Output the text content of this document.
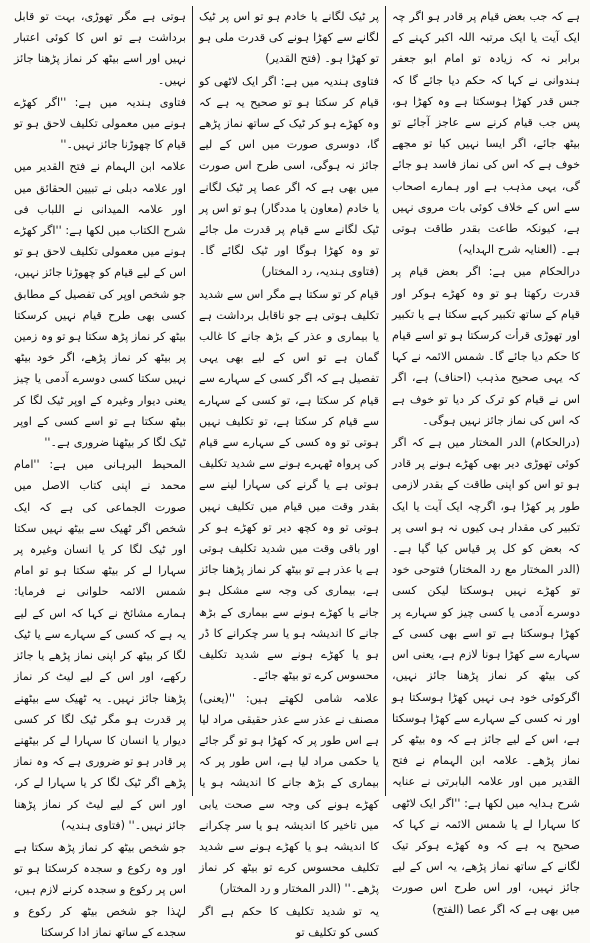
ہے کہ جب بعض قیام پر قادر ہو اگر چہ ایک آیت یا ایک مرتبہ اللہ اکبر کہنے کے برابر نہ کہ زیادہ تو امام ابو جعفر ہندوانی نے کہا کہ حکم دیا جائے گا کہ جس قدر کھڑا ہوسکتا ہے وہ کھڑا ہو، پس جب قیام کرنے سے عاجز آجائے تو بیٹھ جائے، اگر ایسا نہیں کیا تو مجھے خوف ہے کہ اس کی نماز فاسد ہو جائے گی، یہی مذہب ہے اور ہمارے اصحاب سے اس کے خلاف کوئی بات مروی نہیں ہے، کیونکہ طاعت بقدر طاقت ہوتی ہے۔ (العنایہ شرح الہدایہ)

درالحکام میں ہے: اگر بعض قیام پر قدرت رکھتا ہو تو وہ کھڑے ہوکر اور قیام کے ساتھ تکبیر کہے سکتا ہے یا تکبیر اور تھوڑی قرأت کرسکتا ہو تو اسے قیام کا حکم دیا جائے گا۔ شمس الائمہ نے کہا کہ یہی صحیح مذہب (احناف) ہے، اگر اس نے قیام کو ترک کر دیا تو خوف ہے کہ اس کی نماز جائز نہیں ہوگی۔

(درالحکام) الدر المختار میں ہے کہ اگر کوئی تھوڑی دیر بھی کھڑے ہونے پر قادر ہو تو اس کو اپنی طاقت کے بقدر لازمی طور پر کھڑا ہو، اگرچہ ایک آیت یا ایک تکبیر کی مقدار ہی کیوں نہ ہو اسی پر کہ بعض کو کل پر قیاس کیا گیا ہے۔ (الدر المختار مع رد المختار) فتوحی خود تو کھڑے نہیں ہوسکتا لیکن کسی دوسرے آدمی یا کسی چیز کو سہارے پر کھڑا ہوسکتا ہے تو اسے بھی کسی کے سہارے سے کھڑا ہونا لازم ہے، یعنی اس کی بیٹھ کر نماز پڑھنا جائز نہیں، اگرکوئی خود ہی نہیں کھڑا ہوسکتا ہو اور نہ کسی کے سہارے سے کھڑا ہوسکتا ہے، اس کے لیے جائز ہے کہ وہ بیٹھ کر نماز پڑھے۔ علامہ ابن الہمام نے فتح القدیر میں اور علامہ البابرتی نے عنایہ شرح ہدایہ میں لکھا ہے: ''اگر ایک لاٹھی کا سہارا لے یا شمس الائمہ نے کہا کہ صحیح یہ ہے کہ وہ کھڑے ہوکر تیک لگانے کے ساتھ نماز پڑھے، یہ اس کے لیے جائز نہیں، اور اس طرح اس صورت میں بھی ہے کہ اگر عصا (الفتح)

پر ٹیک لگانے یا خادم ہو تو اس پر ٹیک لگانے سے کھڑا ہونے کی قدرت ملی ہو تو کھڑا ہو۔ (فتح القدیر)

فتاوی ہندیہ میں ہے: اگر ایک لاٹھی کو قیام کر سکتا ہو تو صحیح یہ ہے کہ وہ کھڑے ہو کر ٹیک کے ساتھ نماز پڑھے گا، دوسری صورت میں اس کے لیے جائز نہ ہوگی، اسی طرح اس صورت میں بھی ہے کہ اگر عصا پر ٹیک لگانے یا خادم (معاون یا مددگار) ہو تو اس پر ٹیک لگانے سے قیام پر قدرت مل جائے تو وہ کھڑا ہوگا اور ٹیک لگائے گا۔ (فتاوی ہندیہ، رد المختار)

قیام کر تو سکتا ہے مگر اس سے شدید تکلیف ہوتی ہے جو ناقابل برداشت ہے یا بیماری و عذر کے بڑھ جانے کا غالب گمان ہے تو اس کے لیے بھی یہی تفصیل ہے کہ اگر کسی کے سہارے سے قیام کر سکتا ہے، تو کسی کے سہارے سے قیام کر سکتا ہے، تو تکلیف نہیں ہوتی تو وہ کسی کے سہارے سے قیام کی پرواہ ٹھہرے ہونے سے شدید تکلیف ہوتی ہے یا گرنے کی سہارا لینے سے بقدر وقت میں قیام میں تکلیف نہیں ہوتی تو وہ کچھ دیر تو کھڑے ہو کر اور باقی وقت میں شدید تکلیف ہوتی ہے یا عذر ہے تو بیٹھ کر نماز پڑھنا جائز ہے، بیماری کی وجہ سے مشکل ہو جانے یا کھڑے ہونے سے بیماری کے بڑھ جانے کا اندیشہ ہو یا سر چکرانے کا ڈر ہو یا کھڑے ہونے سے شدید تکلیف محسوس کرے تو بیٹھ جائے۔

علامہ شامی لکھتے ہیں: ''(یعنی) مصنف نے عذر سے عذر حقیقی مراد لیا ہے اس طور پر کہ کھڑا ہو تو گر جائے یا حکمی مراد لیا ہے، اس طور پر کہ بیماری کے بڑھ جانے کا اندیشہ ہو یا کھڑے ہونے کی وجہ سے صحت یابی میں تاخیر کا اندیشہ ہو یا سر چکرانے کا اندیشہ ہو یا کھڑے ہونے سے شدید تکلیف محسوس کرے تو بیٹھ کر نماز پڑھے۔'' (الدر المختار و رد المختار)

یہ تو شدید تکلیف کا حکم ہے اگر کسی کو تکلیف تو

ہوتی ہے مگر تھوڑی، بہت تو قابل برداشت ہے تو اس کا کوئی اعتبار نہیں اور اسے بیٹھ کر نماز پڑھنا جائز نہیں۔

فتاوی ہندیہ میں ہے: ''اگر کھڑے ہونے میں معمولی تکلیف لاحق ہو تو قیام کا چھوڑنا جائز نہیں۔''

علامہ ابن الہمام نے فتح القدیر میں اور علامہ دبلی نے تبیین الحقائق میں اور علامہ المیدانی نے اللباب فی شرح الکتاب میں لکھا ہے: ''اگر کھڑے ہونے میں معمولی تکلیف لاحق ہو تو اس کے لیے قیام کو چھوڑنا جائز نہیں، جو شخص اوپر کی تفصیل کے مطابق کسی بھی طرح قیام نہیں کرسکتا بیٹھ کر نماز پڑھ سکتا ہو تو وہ زمین پر بیٹھ کر نماز پڑھے، اگر خود بیٹھ نہیں سکتا کسی دوسرے آدمی یا چیز یعنی دیوار وغیرہ کے اوپر ٹیک لگا کر بیٹھ سکتا ہے تو اسے کسی کے اوپر ٹیک لگا کر بیٹھنا ضروری ہے۔''

المحیط البرہانی میں ہے: ''امام محمد نے اپنی کتاب الاصل میں صورت الجماعی کی ہے کہ ایک شخص اگر ٹھیک سے بیٹھ نہیں سکتا اور ٹیک لگا کر یا انسان وغیرہ پر سہارا لے کر بیٹھ سکتا ہو تو امام شمس الائمہ حلوانی نے فرمایا: ہمارے مشائخ نے کہا کہ اس کے لیے یہ ہے کہ کسی کے سہارے سے یا ٹیک لگا کر بیٹھ کر اپنی نماز پڑھے یا جائز رکھے، اور اس کے لیے لیٹ کر نماز پڑھنا جائز نہیں۔ یہ ٹھیک سے بیٹھنے پر قدرت ہو مگر ٹیک لگا کر کسی دیوار یا انسان کا سہارا لے کر بیٹھنے پر قادر ہو تو ضروری ہے کہ وہ نماز پڑھے اگر ٹیک لگا کر یا سہارا لے کر، اور اس کے لیے لیٹ کر نماز پڑھنا جائز نہیں۔'' (فتاوی ہندیہ)

جو شخص بیٹھ کر نماز پڑھ سکتا ہے اور وہ رکوع و سجدہ کرسکتا ہو تو اس پر رکوع و سجدہ کرنے لازم ہیں، لہٰذا جو شخص بیٹھ کر رکوع و سجدے کے ساتھ نماز ادا کرسکتا
